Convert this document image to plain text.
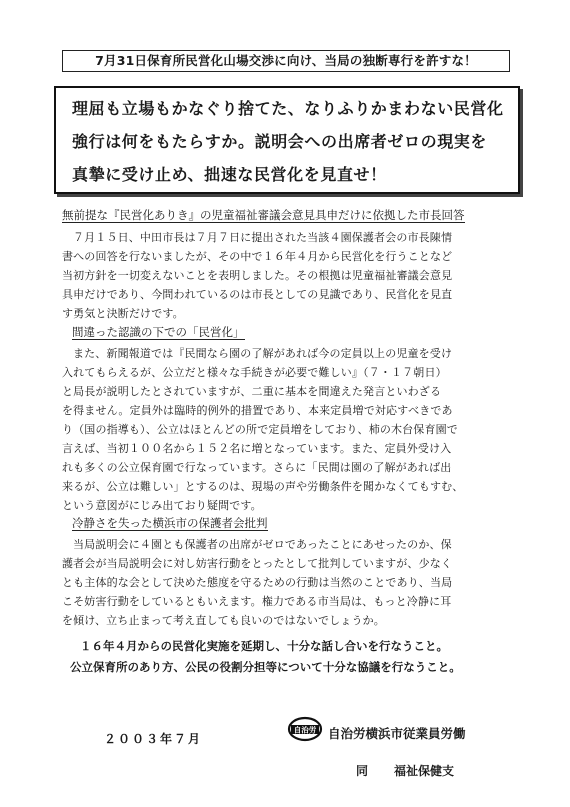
7月31日保育所民営化山場交渉に向け、当局の独断専行を許すな！
理屈も立場もかなぐり捨てた、なりふりかまわない民営化
強行は何をもたらすか。説明会への出席者ゼロの現実を
真摯に受け止め、拙速な民営化を見直せ！
無前提な『民営化ありき』の児童福祉審議会意見具申だけに依拠した市長回答
７月１５日、中田市長は７月７日に提出された当該４園保護者会の市長陳情
書への回答を行ないましたが、その中で１６年４月から民営化を行うことなど
当初方針を一切変えないことを表明しました。その根拠は児童福祉審議会意見
具申だけであり、今問われているのは市長としての見識であり、民営化を見直
す勇気と決断だけです。
間違った認識の下での「民営化」
また、新聞報道では『民間なら園の了解があれば今の定員以上の児童を受け
入れてもらえるが、公立だと様々な手続きが必要で難しい』（７・１７朝日）
と局長が説明したとされていますが、二重に基本を間違えた発言といわざる
を得ません。定員外は臨時的例外的措置であり、本来定員増で対応すべきであ
り（国の指導も）、公立はほとんどの所で定員増をしており、柿の木台保育園で
言えば、当初１００名から１５２名に増となっています。また、定員外受け入
れも多くの公立保育園で行なっています。さらに「民間は園の了解があれば出
来るが、公立は難しい」とするのは、現場の声や労働条件を聞かなくてもすむ、
という意図がにじみ出ており疑問です。
冷静さを失った横浜市の保護者会批判
当局説明会に４園とも保護者の出席がゼロであったことにあせったのか、保
護者会が当局説明会に対し妨害行動をとったとして批判していますが、少なく
とも主体的な会として決めた態度を守るための行動は当然のことであり、当局
こそ妨害行動をしているともいえます。権力である市当局は、もっと冷静に耳
を傾け、立ち止まって考え直しても良いのではないでしょうか。
１６年４月からの民営化実施を延期し、十分な話し合いを行なうこと。
公立保育所のあり方、公民の役割分担等について十分な協議を行なうこと。
２００３年７月
自治労 自治労横浜市従業員労働
同 福祉保健支
